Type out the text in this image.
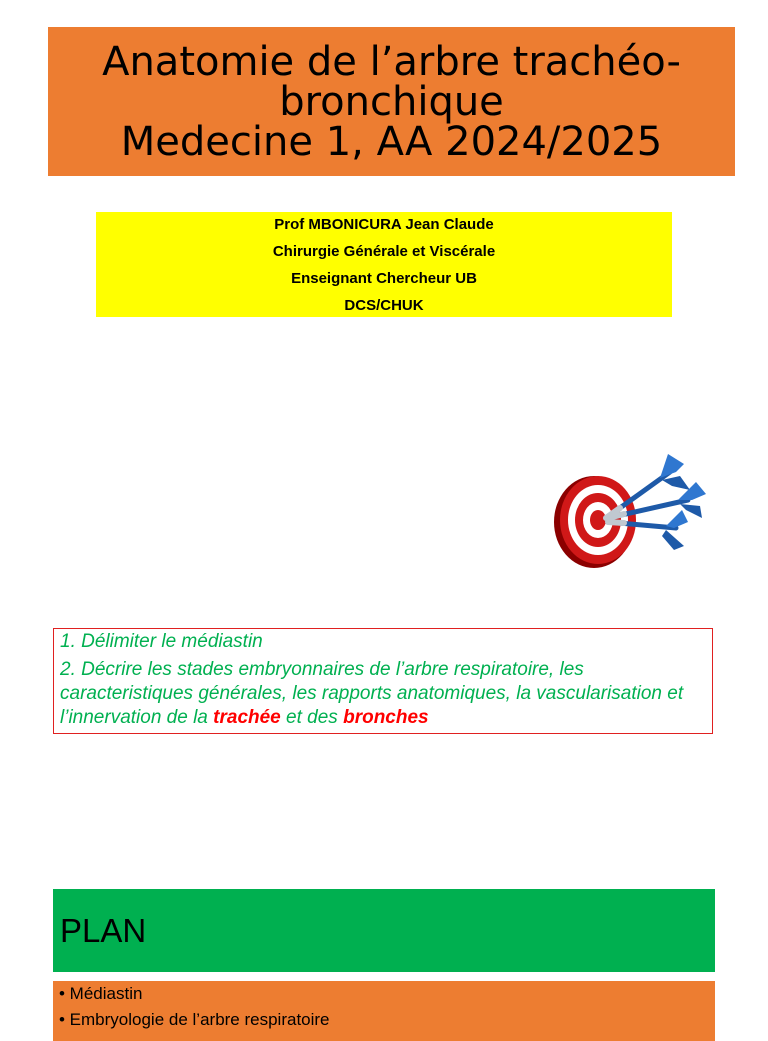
Anatomie de l’arbre trachéo-
bronchique
Medecine 1, AA 2024/2025
Prof MBONICURA Jean Claude
Chirurgie Générale et Viscérale
Enseignant Chercheur UB
DCS/CHUK
1. Délimiter le médiastin
2. Décrire les stades embryonnaires de l’arbre respiratoire, les caracteristiques générales, les rapports anatomiques, la vascularisation et l’innervation de la trachée et des bronches
PLAN
• Médiastin
• Embryologie de l’arbre respiratoire
